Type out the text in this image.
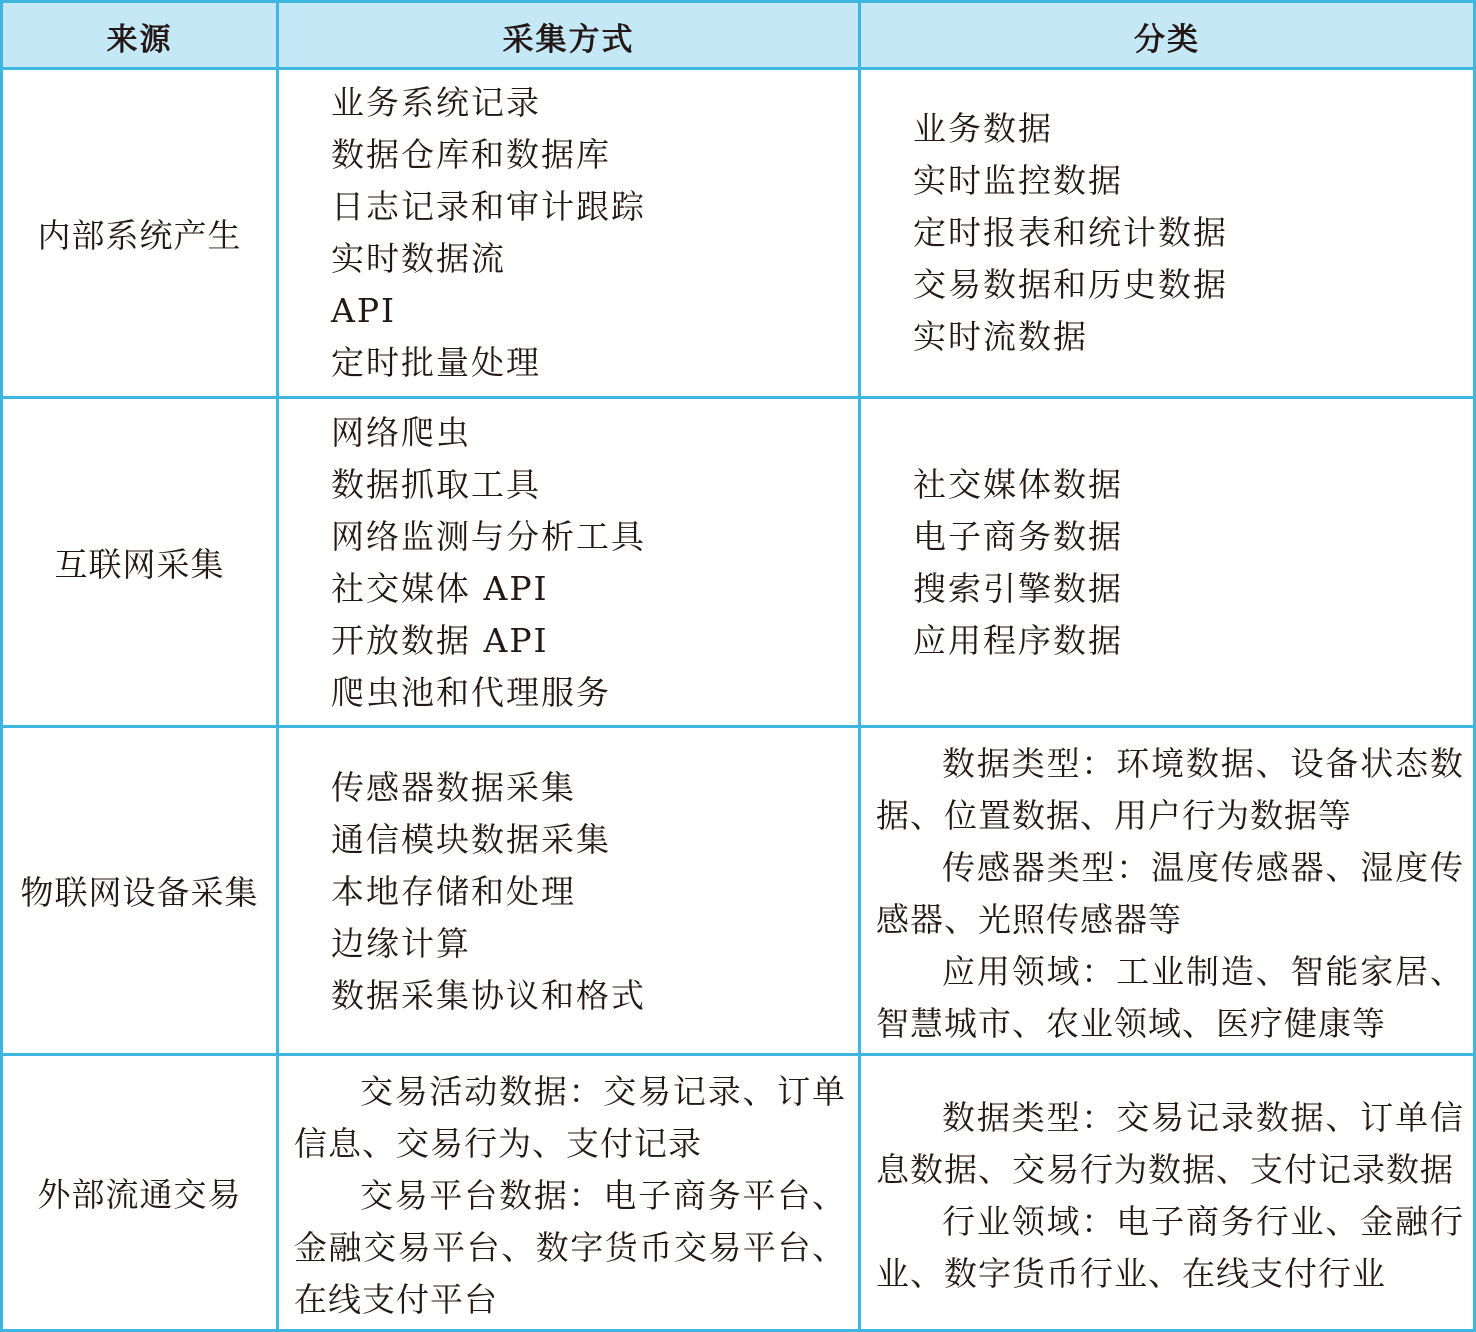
来源	采集方式	分类
内部系统产生
业务系统记录
数据仓库和数据库
日志记录和审计跟踪
实时数据流
API
定时批量处理
业务数据
实时监控数据
定时报表和统计数据
交易数据和历史数据
实时流数据
互联网采集
网络爬虫
数据抓取工具
网络监测与分析工具
社交媒体 API
开放数据 API
爬虫池和代理服务
社交媒体数据
电子商务数据
搜索引擎数据
应用程序数据
物联网设备采集
传感器数据采集
通信模块数据采集
本地存储和处理
边缘计算
数据采集协议和格式

数据类型：环境数据、设备状态数据、位置数据、用户行为数据等

传感器类型：温度传感器、湿度传感器、光照传感器等

应用领域：工业制造、智能家居、智慧城市、农业领域、医疗健康等

外部流通交易

交易活动数据：交易记录、订单信息、交易行为、支付记录

交易平台数据：电子商务平台、金融交易平台、数字货币交易平台、在线支付平台

数据类型：交易记录数据、订单信息数据、交易行为数据、支付记录数据

行业领域：电子商务行业、金融行业、数字货币行业、在线支付行业
